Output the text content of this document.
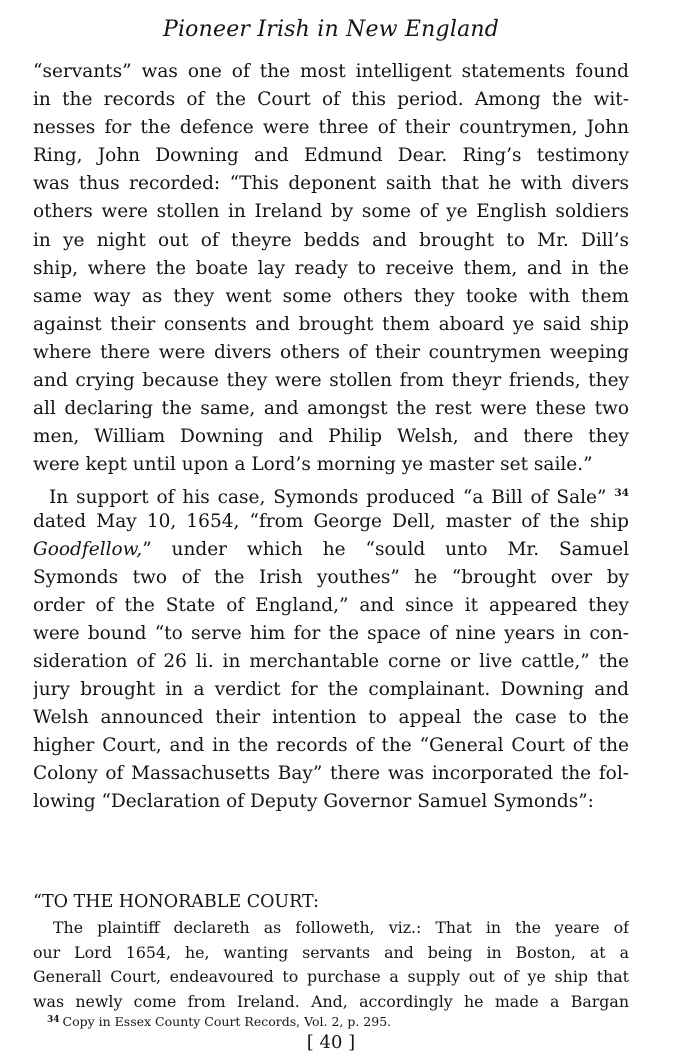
Pioneer Irish in New England
“servants” was one of the most intelligent statements found
in the records of the Court of this period. Among the wit-
nesses for the defence were three of their countrymen, John
Ring, John Downing and Edmund Dear. Ring’s testimony
was thus recorded: “This deponent saith that he with divers
others were stollen in Ireland by some of ye English soldiers
in ye night out of theyre bedds and brought to Mr. Dill’s
ship, where the boate lay ready to receive them, and in the
same way as they went some others they tooke with them
against their consents and brought them aboard ye said ship
where there were divers others of their countrymen weeping
and crying because they were stollen from theyr friends, they
all declaring the same, and amongst the rest were these two
men, William Downing and Philip Welsh, and there they
were kept until upon a Lord’s morning ye master set saile.”
In support of his case, Symonds produced “a Bill of Sale” $^{34}$
dated May 10, 1654, “from George Dell, master of the ship
Goodfellow,” under which he “sould unto Mr. Samuel
Symonds two of the Irish youthes” he “brought over by
order of the State of England,” and since it appeared they
were bound “to serve him for the space of nine years in con-
sideration of 26 li. in merchantable corne or live cattle,” the
jury brought in a verdict for the complainant. Downing and
Welsh announced their intention to appeal the case to the
higher Court, and in the records of the “General Court of the
Colony of Massachusetts Bay” there was incorporated the fol-
lowing “Declaration of Deputy Governor Samuel Symonds”:
“TO THE HONORABLE COURT:
The plaintiff declareth as followeth, viz.: That in the yeare of
our Lord 1654, he, wanting servants and being in Boston, at a
Generall Court, endeavoured to purchase a supply out of ye ship that
was newly come from Ireland. And, accordingly he made a Bargan
$^{34}$ Copy in Essex County Court Records, Vol. 2, p. 295.
[ 40 ]
